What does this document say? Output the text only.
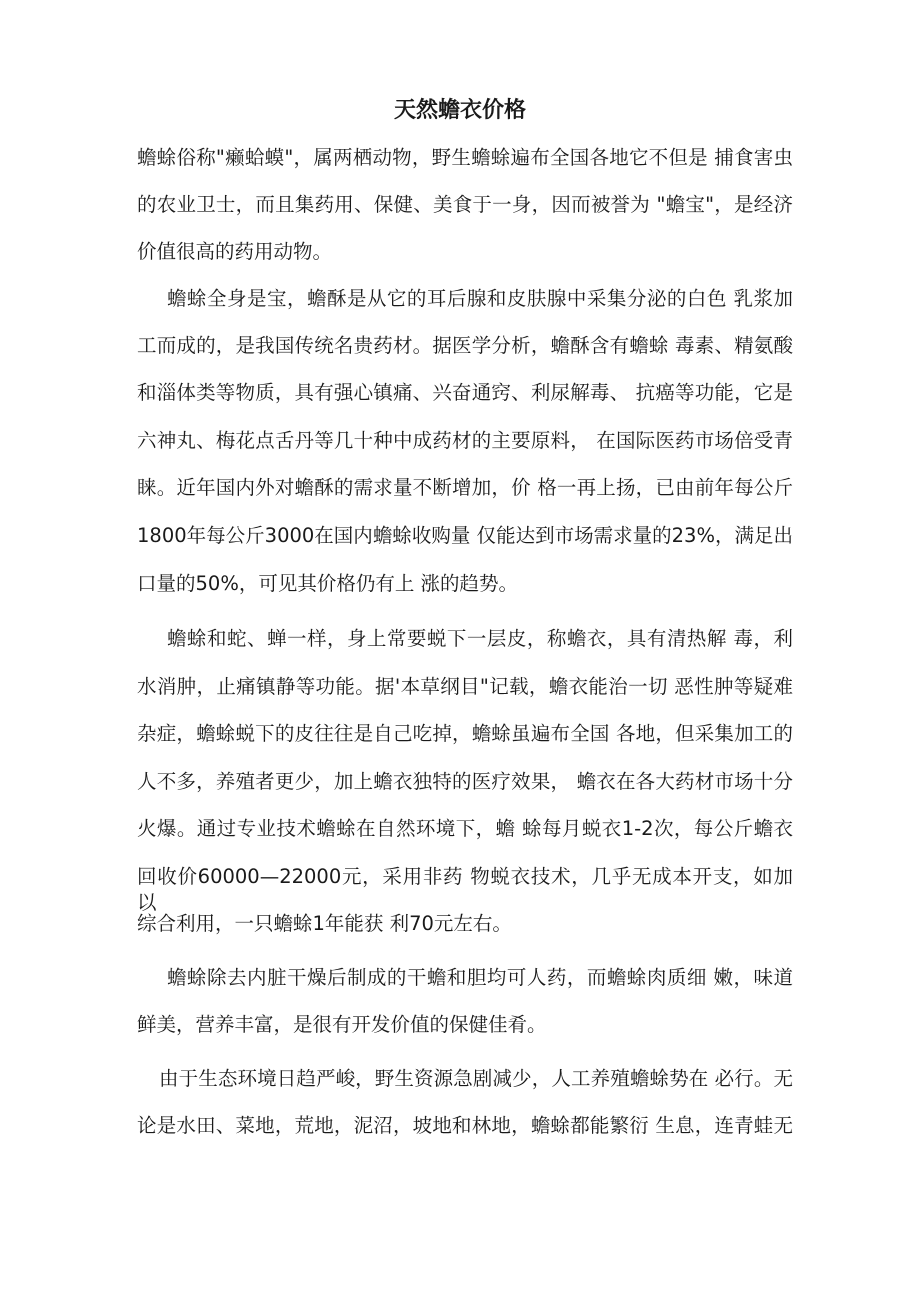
天然蟾衣价格
蟾蜍俗称"癞蛤蟆"，属两栖动物，野生蟾蜍遍布全国各地它不但是 捕食害虫
的农业卫士，而且集药用、保健、美食于一身，因而被誉为 "蟾宝"，是经济
价值很高的药用动物。
蟾蜍全身是宝，蟾酥是从它的耳后腺和皮肤腺中采集分泌的白色 乳浆加
工而成的，是我国传统名贵药材。据医学分析，蟾酥含有蟾蜍 毒素、精氨酸
和淄体类等物质，具有强心镇痛、兴奋通窍、利尿解毒、 抗癌等功能，它是
六神丸、梅花点舌丹等几十种中成药材的主要原料， 在国际医药市场倍受青
睐。近年国内外对蟾酥的需求量不断增加，价 格一再上扬，已由前年每公斤
1800年每公斤3000在国内蟾蜍收购量 仅能达到市场需求量的23%，满足出
口量的50%，可见其价格仍有上 涨的趋势。
蟾蜍和蛇、蝉一样，身上常要蜕下一层皮，称蟾衣，具有清热解 毒，利
水消肿，止痛镇静等功能。据'本草纲目"记载，蟾衣能治一切 恶性肿等疑难
杂症，蟾蜍蜕下的皮往往是自己吃掉，蟾蜍虽遍布全国 各地，但采集加工的
人不多，养殖者更少，加上蟾衣独特的医疗效果， 蟾衣在各大药材市场十分
火爆。通过专业技术蟾蜍在自然环境下，蟾 蜍每月蜕衣1-2次，每公斤蟾衣
回收价60000—22000元，采用非药 物蜕衣技术，几乎无成本开支，如加以
综合利用，一只蟾蜍1年能获 利70元左右。
蟾蜍除去内脏干燥后制成的干蟾和胆均可人药，而蟾蜍肉质细 嫩，味道
鲜美，营养丰富，是很有开发价值的保健佳肴。
由于生态环境日趋严峻，野生资源急剧减少，人工养殖蟾蜍势在 必行。无
论是水田、菜地，荒地，泥沼，坡地和林地，蟾蜍都能繁衍 生息，连青蛙无
